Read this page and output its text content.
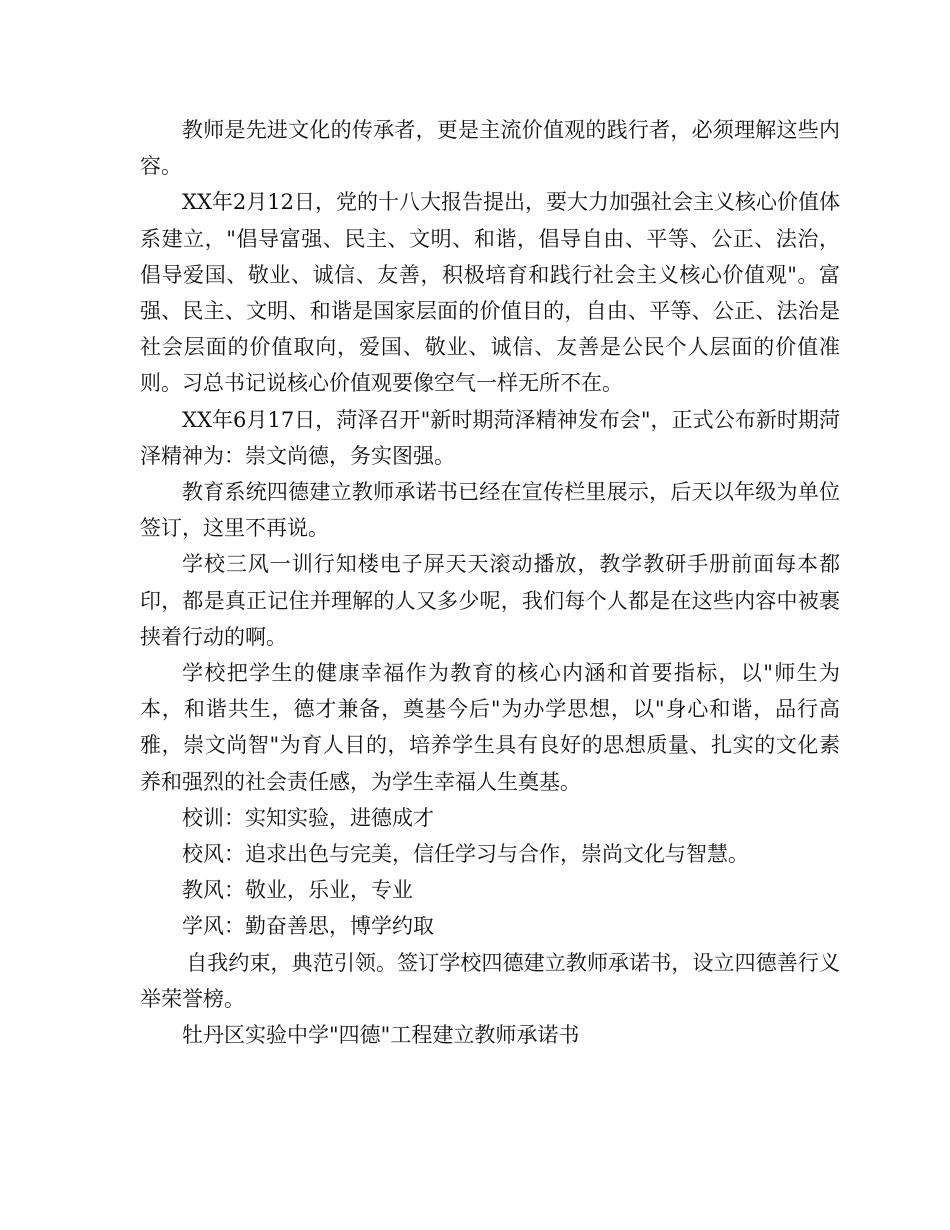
教师是先进文化的传承者，更是主流价值观的践行者，必须理解这些内容。

XX年2月12日，党的十八大报告提出，要大力加强社会主义核心价值体系建立，"倡导富强、民主、文明、和谐，倡导自由、平等、公正、法治，倡导爱国、敬业、诚信、友善，积极培育和践行社会主义核心价值观"。富强、民主、文明、和谐是国家层面的价值目的，自由、平等、公正、法治是社会层面的价值取向，爱国、敬业、诚信、友善是公民个人层面的价值准则。习总书记说核心价值观要像空气一样无所不在。

XX年6月17日，菏泽召开"新时期菏泽精神发布会"，正式公布新时期菏泽精神为：崇文尚德，务实图强。

教育系统四德建立教师承诺书已经在宣传栏里展示，后天以年级为单位签订，这里不再说。

学校三风一训行知楼电子屏天天滚动播放，教学教研手册前面每本都印，都是真正记住并理解的人又多少呢，我们每个人都是在这些内容中被裹挟着行动的啊。

学校把学生的健康幸福作为教育的核心内涵和首要指标，以"师生为本，和谐共生，德才兼备，奠基今后"为办学思想，以"身心和谐，品行高雅，崇文尚智"为育人目的，培养学生具有良好的思想质量、扎实的文化素养和强烈的社会责任感，为学生幸福人生奠基。

校训：实知实验，进德成才

校风：追求出色与完美，信任学习与合作，崇尚文化与智慧。

教风：敬业，乐业，专业

学风：勤奋善思，博学约取

自我约束，典范引领。签订学校四德建立教师承诺书，设立四德善行义举荣誉榜。

牡丹区实验中学"四德"工程建立教师承诺书
